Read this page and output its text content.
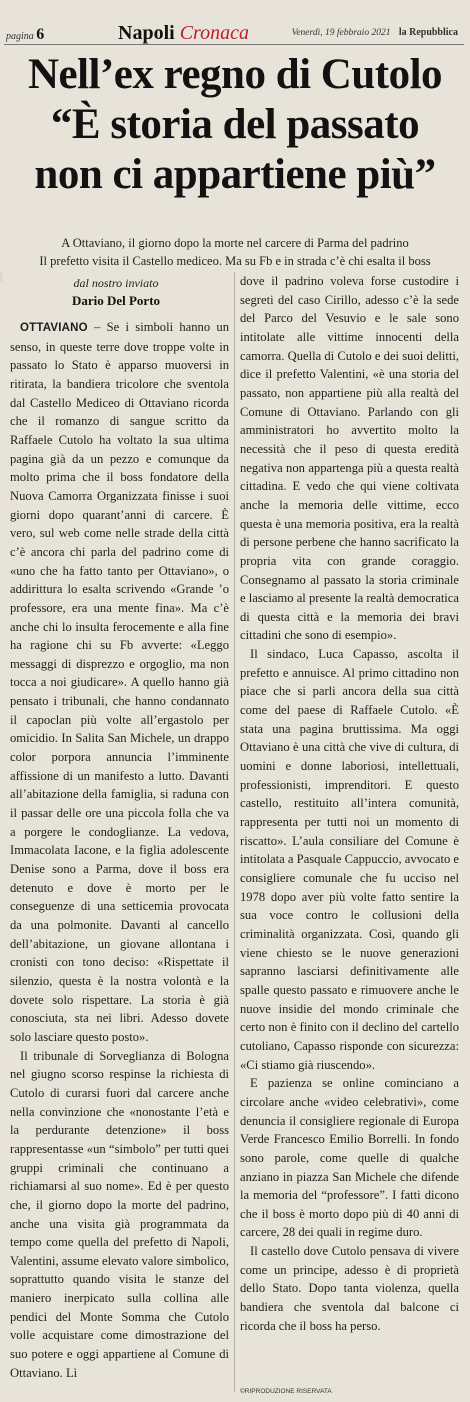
pagina 6	Napoli Cronaca	Venerdì, 19 febbraio 2021 la Repubblica
Nell’ex regno di Cutolo
“È storia del passato
non ci appartiene più”
A Ottaviano, il giorno dopo la morte nel carcere di Parma del padrino
Il prefetto visita il Castello mediceo. Ma su Fb e in strada c’è chi esalta il boss
dal nostro inviato
Dario Del Porto
|

OTTAVIANO – Se i simboli hanno un senso, in queste terre dove troppe volte in passato lo Stato è apparso muoversi in ritirata, la bandiera tricolore che sventola dal Castello Mediceo di Ottaviano ricorda che il romanzo di sangue scritto da Raffaele Cutolo ha voltato la sua ultima pagina già da un pezzo e comunque da molto prima che il boss fondatore della Nuova Camorra Organizzata finisse i suoi giorni dopo quarant’anni di carcere. È vero, sul web come nelle strade della città c’è ancora chi parla del padrino come di «uno che ha fatto tanto per Ottaviano», o addirittura lo esalta scrivendo «Grande ’o professore, era una mente fina». Ma c’è anche chi lo insulta ferocemente e alla fine ha ragione chi su Fb avverte: «Leggo messaggi di disprezzo e orgoglio, ma non tocca a noi giudicare». A quello hanno già pensato i tribunali, che hanno condannato il capoclan più volte all’ergastolo per omicidio. In Salita San Michele, un drappo color porpora annuncia l’imminente affissione di un manifesto a lutto. Davanti all’abitazione della famiglia, si raduna con il passar delle ore una piccola folla che va a porgere le condoglianze. La vedova, Immacolata Iacone, e la figlia adolescente Denise sono a Parma, dove il boss era detenuto e dove è morto per le conseguenze di una setticemia provocata da una polmonite. Davanti al cancello dell’abitazione, un giovane allontana i cronisti con tono deciso: «Rispettate il silenzio, questa è la nostra volontà e la dovete solo rispettare. La storia è già conosciuta, sta nei libri. Adesso dovete solo lasciare questo posto».

Il tribunale di Sorveglianza di Bologna nel giugno scorso respinse la richiesta di Cutolo di curarsi fuori dal carcere anche nella convinzione che «nonostante l’età e la perdurante detenzione» il boss rappresentasse «un “simbolo” per tutti quei gruppi criminali che continuano a richiamarsi al suo nome». Ed è per questo che, il giorno dopo la morte del padrino, anche una visita già programmata da tempo come quella del prefetto di Napoli, Valentini, assume elevato valore simbolico, soprattutto quando visita le stanze del maniero inerpicato sulla collina alle pendici del Monte Somma che Cutolo volle acquistare come dimostrazione del suo potere e oggi appartiene al Comune di Ottaviano. Lì

dove il padrino voleva forse custodire i segreti del caso Cirillo, adesso c’è la sede del Parco del Vesuvio e le sale sono intitolate alle vittime innocenti della camorra. Quella di Cutolo e dei suoi delitti, dice il prefetto Valentini, «è una storia del passato, non appartiene più alla realtà del Comune di Ottaviano. Parlando con gli amministratori ho avvertito molto la necessità che il peso di questa eredità negativa non appartenga più a questa realtà cittadina. E vedo che qui viene coltivata anche la memoria delle vittime, ecco questa è una memoria positiva, era la realtà di persone perbene che hanno sacrificato la propria vita con grande coraggio. Consegnamo al passato la storia criminale e lasciamo al presente la realtà democratica di questa città e la memoria dei bravi cittadini che sono di esempio».

Il sindaco, Luca Capasso, ascolta il prefetto e annuisce. Al primo cittadino non piace che si parli ancora della sua città come del paese di Raffaele Cutolo. «È stata una pagina bruttissima. Ma oggi Ottaviano è una città che vive di cultura, di uomini e donne laboriosi, intellettuali, professionisti, imprenditori. E questo castello, restituito all’intera comunità, rappresenta per tutti noi un momento di riscatto». L’aula consiliare del Comune è intitolata a Pasquale Cappuccio, avvocato e consigliere comunale che fu ucciso nel 1978 dopo aver più volte fatto sentire la sua voce contro le collusioni della criminalità organizzata. Così, quando gli viene chiesto se le nuove generazioni sapranno lasciarsi definitivamente alle spalle questo passato e rimuovere anche le nuove insidie del mondo criminale che certo non è finito con il declino del cartello cutoliano, Capasso risponde con sicurezza: «Ci stiamo già riuscendo».

E pazienza se online cominciano a circolare anche «video celebrativi», come denuncia il consigliere regionale di Europa Verde Francesco Emilio Borrelli. In fondo sono parole, come quelle di qualche anziano in piazza San Michele che difende la memoria del “professore”. I fatti dicono che il boss è morto dopo più di 40 anni di carcere, 28 dei quali in regime duro.

Il castello dove Cutolo pensava di vivere come un principe, adesso è di proprietà dello Stato. Dopo tanta violenza, quella bandiera che sventola dal balcone ci ricorda che il boss ha perso.

©RIPRODUZIONE RISERVATA
